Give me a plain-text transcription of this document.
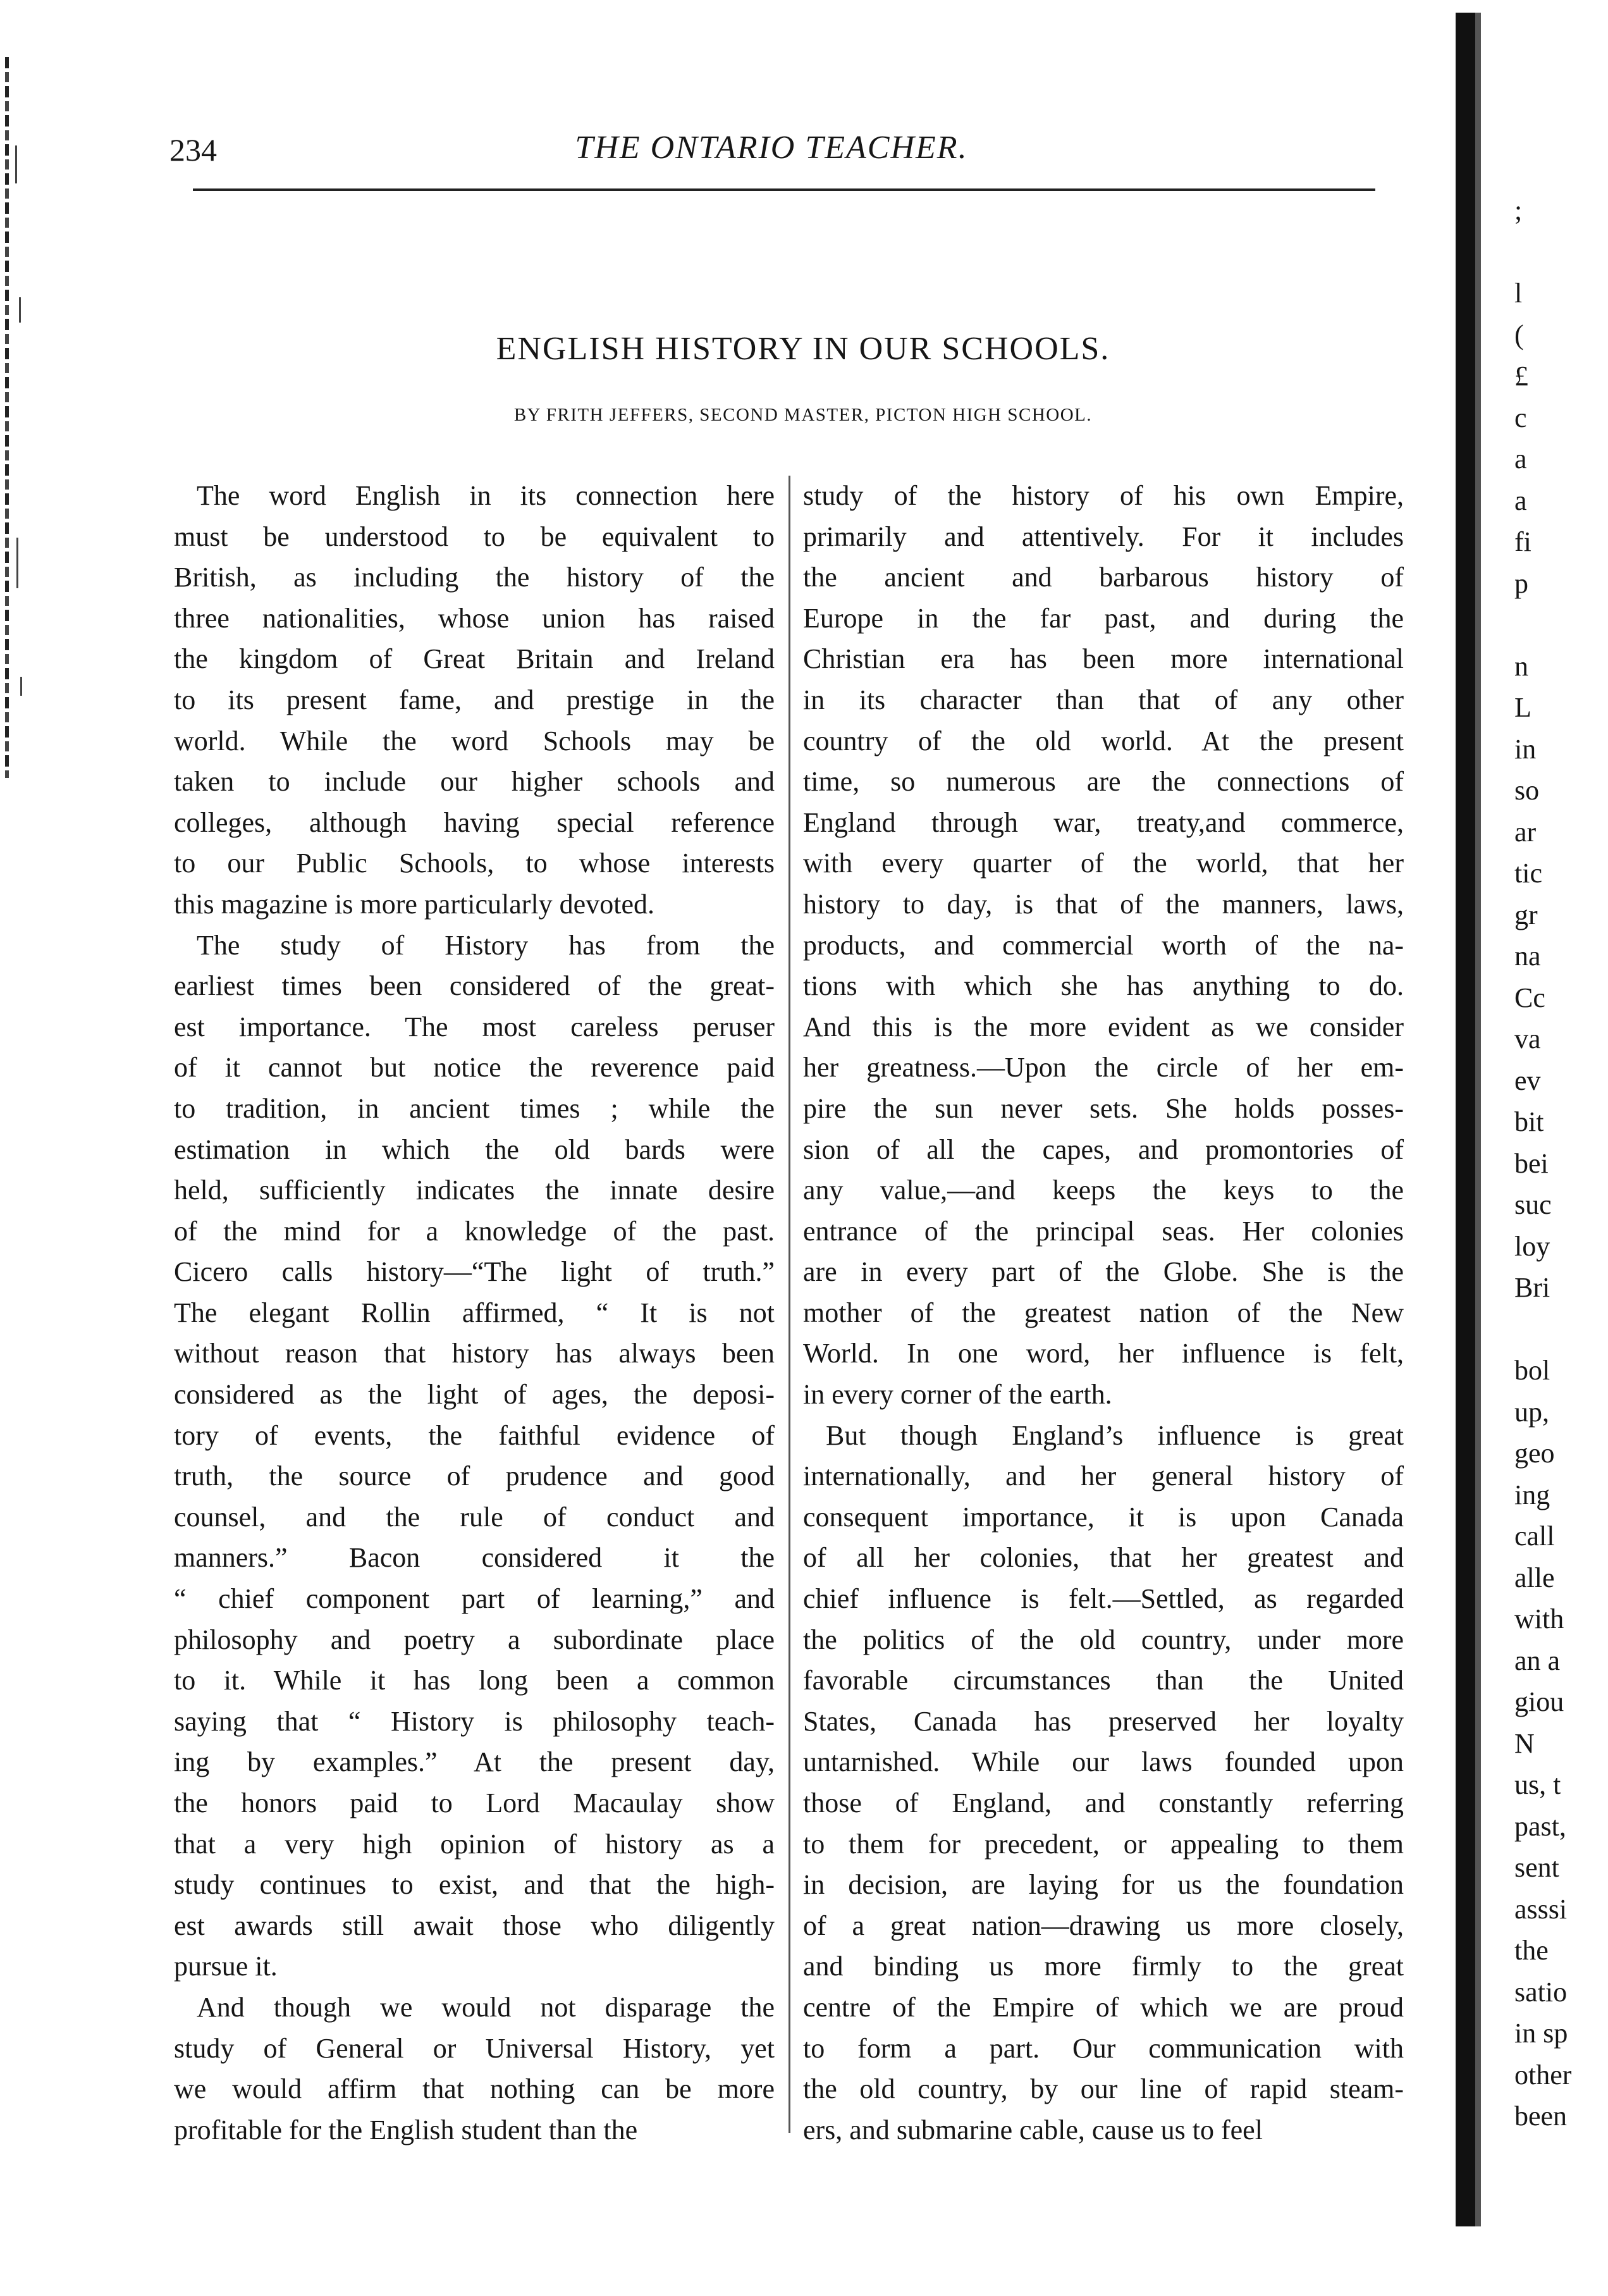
234	THE ONTARIO TEACHER.
ENGLISH HISTORY IN OUR SCHOOLS.
BY FRITH JEFFERS, SECOND MASTER, PICTON HIGH SCHOOL.
The word English in its connection here
must be understood to be equivalent to
British, as including the history of the
three nationalities, whose union has raised
the kingdom of Great Britain and Ireland
to its present fame, and prestige in the
world. While the word Schools may be
taken to include our higher schools and
colleges, although having special reference
to our Public Schools, to whose interests
this magazine is more particularly devoted.
The study of History has from the
earliest times been considered of the great-
est importance. The most careless peruser
of it cannot but notice the reverence paid
to tradition, in ancient times ; while the
estimation in which the old bards were
held, sufficiently indicates the innate desire
of the mind for a knowledge of the past.
Cicero calls history—“The light of truth.”
The elegant Rollin affirmed, “ It is not
without reason that history has always been
considered as the light of ages, the deposi-
tory of events, the faithful evidence of
truth, the source of prudence and good
counsel, and the rule of conduct and
manners.” Bacon considered it the
“ chief component part of learning,” and
philosophy and poetry a subordinate place
to it. While it has long been a common
saying that “ History is philosophy teach-
ing by examples.” At the present day,
the honors paid to Lord Macaulay show
that a very high opinion of history as a
study continues to exist, and that the high-
est awards still await those who diligently
pursue it.
And though we would not disparage the
study of General or Universal History, yet
we would affirm that nothing can be more
profitable for the English student than the
study of the history of his own Empire,
primarily and attentively. For it includes
the ancient and barbarous history of
Europe in the far past, and during the
Christian era has been more international
in its character than that of any other
country of the old world. At the present
time, so numerous are the connections of
England through war, treaty,and commerce,
with every quarter of the world, that her
history to day, is that of the manners, laws,
products, and commercial worth of the na-
tions with which she has anything to do.
And this is the more evident as we consider
her greatness.—Upon the circle of her em-
pire the sun never sets. She holds posses-
sion of all the capes, and promontories of
any value,—and keeps the keys to the
entrance of the principal seas. Her colonies
are in every part of the Globe. She is the
mother of the greatest nation of the New
World. In one word, her influence is felt,
in every corner of the earth.
But though England’s influence is great
internationally, and her general history of
consequent importance, it is upon Canada
of all her colonies, that her greatest and
chief influence is felt.—Settled, as regarded
the politics of the old country, under more
favorable circumstances than the United
States, Canada has preserved her loyalty
untarnished. While our laws founded upon
those of England, and constantly referring
to them for precedent, or appealing to them
in decision, are laying for us the foundation
of a great nation—drawing us more closely,
and binding us more firmly to the great
centre of the Empire of which we are proud
to form a part. Our communication with
the old country, by our line of rapid steam-
ers, and submarine cable, cause us to feel
;

l
(
£
c
a
a
fi
p

n
L
in
so
ar
tic
gr
na
Cc
va
ev
bit
bei
suc
loy
Bri

bol
up,
geo
ing
call
alle
with
an a
giou
N
us, t
past,
sent
asssi
the
satio
in sp
other
been
